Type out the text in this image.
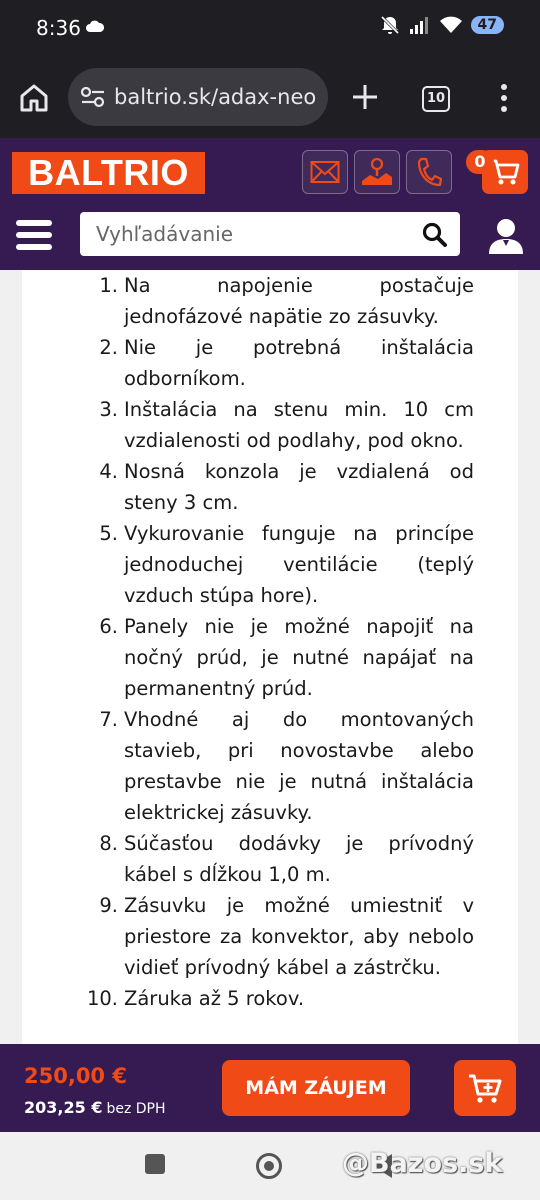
8:36	47
baltrio.sk/adax-neo	10
BALTRIO	0
Vyhľadávanie
1. Na napojenie postačuje jednofázové napätie zo zásuvky.
2. Nie je potrebná inštalácia odborníkom.
3. Inštalácia na stenu min. 10 cm vzdialenosti od podlahy, pod okno.
4. Nosná konzola je vzdialená od steny 3 cm.
5. Vykurovanie funguje na princípe jednoduchej ventilácie (teplý vzduch stúpa hore).
6. Panely nie je možné napojiť na nočný prúd, je nutné napájať na permanentný prúd.
7. Vhodné aj do montovaných stavieb, pri novostavbe alebo prestavbe nie je nutná inštalácia elektrickej zásuvky.
8. Súčasťou dodávky je prívodný kábel s dĺžkou 1,0 m.
9. Zásuvku je možné umiestniť v priestore za konvektor, aby nebolo vidieť prívodný kábel a zástrčku.
10. Záruka až 5 rokov.
250,00 €
203,25 € bez DPH
MÁM ZÁUJEM
@Bazos.sk
